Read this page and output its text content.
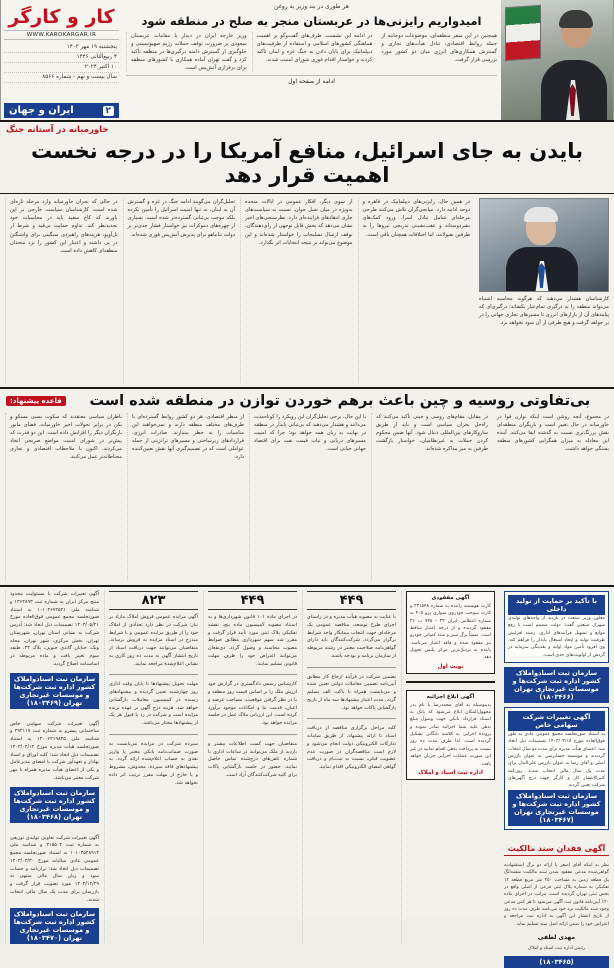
کار و کارگر
WWW.KAROKARGAR.IR
پنجشنبه ۱۹ مهر ۱۴۰۳
۴ ربیع‌الثانی ۱۴۴۶
۱۰ اکتبر ۲۰۲۴
سال بیست و نهم - شماره ۸۵۶۶
۲
ایران و جهان
هر طوری در بند وزیر به روغن
امیدواریم رایزنی‌ها در عربستان منجر به صلح در منطقه شود
وزیر خارجه ایران در دیدار با مقامات عربستان سعودی بر ضرورت توقف حملات رژیم صهیونیستی و جلوگیری از گسترش دامنه درگیری‌ها در منطقه تأکید کرد و گفت تهران آماده همکاری با کشورهای منطقه برای برقراری آتش‌بس است.
در ادامه این نشست، طرف‌های گفت‌وگو بر اهمیت هماهنگی کشورهای اسلامی و استفاده از ظرفیت‌های دیپلماتیک برای پایان دادن به جنگ غزه و لبنان تأکید کردند و خواستار اقدام فوری شورای امنیت شدند.
همچنین در این سفر منطقه‌ای، موضوعات دوجانبه از جمله روابط اقتصادی، تبادل هیأت‌های تجاری و گسترش همکاری‌های انرژی میان دو کشور مورد بررسی قرار گرفت.
ادامه از صفحه اول
خاورمیانه در آستانه جنگ
بایدن به جای اسرائیل، منافع آمریکا را در درجه نخست اهمیت قرار دهد
در حالی که بحران خاورمیانه وارد مرحله تازه‌ای شده است، کارشناسان سیاست خارجی بر این باورند که کاخ سفید باید در محاسبات خود تجدیدنظر کند. تداوم حمایت بی‌قید و شرط از تل‌آویو، هزینه‌های راهبردی سنگینی برای واشنگتن در پی داشته و اعتبار این کشور را نزد متحدان منطقه‌ای کاهش داده است.
تحلیل‌گران می‌گویند ادامه جنگ در غزه و گسترش آن به لبنان، نه تنها امنیت اسرائیل را تأمین نکرده بلکه موجب بی‌ثباتی گسترده‌تر شده است. بسیاری از چهره‌های دموکرات نیز خواستار فشار جدی‌تر بر دولت نتانیاهو برای پذیرش آتش‌بس فوری شده‌اند.
از سوی دیگر، افکار عمومی در ایالات متحده به‌ویژه در میان نسل جوان، نسبت به سیاست‌های جاری انتقادهای فزاینده‌ای دارد. نظرسنجی‌های اخیر نشان می‌دهد که بخش قابل توجهی از رأی‌دهندگان، توقف ارسال تسلیحات را خواستار شده‌اند و این موضوع می‌تواند بر نتیجه انتخابات اثر بگذارد.
در همین حال، رایزنی‌های دیپلماتیک در قاهره و دوحه ادامه دارد. میانجی‌گران تلاش می‌کنند طرحی مرحله‌ای شامل تبادل اسرا، ورود کمک‌های بشردوستانه و عقب‌نشینی تدریجی نیروها را به طرفین بقبولانند، اما اختلافات همچنان باقی است.
کارشناسان هشدار می‌دهند که هرگونه محاسبه اشتباه می‌تواند منطقه را به درگیری تمام‌عیار بکشاند؛ درگیری‌ای که پیامدهای آن از بازارهای انرژی تا مسیرهای تجاری جهانی را در بر خواهد گرفت و هیچ طرفی از آن سود نخواهد برد.
قاعده پیشنهاد:	بی‌تفاوتی روسیه و چین باعث برهم خوردن توازن در منطقه شده است
ناظران سیاسی معتقدند که سکوت نسبی مسکو و پکن در برابر تحولات اخیر خاورمیانه، فضای مانور بازیگران دیگر را افزایش داده است. این دو قدرت که پیش‌تر در شورای امنیت مواضع صریحی اتخاذ می‌کردند، اکنون با ملاحظات اقتصادی و تجاری محتاطانه‌تر عمل می‌کنند.
از منظر اقتصادی، هر دو کشور روابط گسترده‌ای با طرف‌های مختلف منطقه دارند و نمی‌خواهند این مناسبات را به خطر بیندازند. صادرات انرژی، قراردادهای زیرساختی و مسیرهای ترانزیتی از جمله عواملی است که در تصمیم‌گیری آنها نقش تعیین‌کننده دارد.
با این حال، برخی تحلیل‌گران این رویکرد را کوتاه‌مدت می‌دانند و هشدار می‌دهند که بی‌ثباتی پایدار در منطقه در نهایت به زیان همه خواهد بود؛ چرا که امنیت مسیرهای دریایی و ثبات قیمت نفت برای اقتصاد جهانی حیاتی است.
در مقابل، مقام‌های روسی و چینی تأکید می‌کنند که راه‌حل بحران سیاسی است و باید از طریق سازوکارهای بین‌المللی دنبال شود. آنها ضمن محکوم کردن حملات به غیرنظامیان، خواستار بازگشت طرفین به میز مذاکره شده‌اند.
در مجموع، آنچه روشن است اینکه توازن قوا در خاورمیانه در حال تغییر است و بازیگران منطقه‌ای نقش پررنگ‌تری نسبت به گذشته ایفا می‌کنند. آینده این معادله به میزان همگرایی کشورهای منطقه بستگی خواهد داشت.
آگهی تغییرات شرکت با مسئولیت محدود منتج مرکز ایران به شماره ثبت ۱۳۶۴۸۹۳ و شناسه ملی ۱۰۱۰۲۶۷۴۵۲۱ به استناد صورتجلسه مجمع عمومی فوق‌العاده مورخ ۱۴۰۳/۰۵/۲۱ تصمیمات ذیل اتخاذ شد: آدرس شرکت به نشانی استان تهران، شهرستان تهران، بخش مرکزی، شهر تهران، محله ونک، خیابان گاندی جنوبی، پلاک ۲۴، طبقه سوم تغییر یافت و ماده مربوطه در اساسنامه اصلاح گردید.
سازمان ثبت اسنادواملاک کشور اداره ثبت شرکت‌ها و موسسات غیرتجاری تهران (۱۸۰۳۴۶۹)
آگهی تغییرات شرکت سهامی خاص ساختمانی پیشرو به شماره ثبت ۴۹۲۱۱۷ و شناسه ملی ۱۴۰۰۶۲۱۹۸۴۵ به استناد صورتجلسه هیأت مدیره مورخ ۱۴۰۳/۰۴/۱۲ تصمیمات ذیل اتخاذ شد: کلیه اوراق و اسناد بهادار و تعهدآور شرکت با امضای مدیرعامل و یکی از اعضای هیأت مدیره همراه با مهر شرکت معتبر می‌باشد.
سازمان ثبت اسنادواملاک کشور اداره ثبت شرکت‌ها و موسسات غیرتجاری تهران (۱۸۰۳۴۶۸)
آگهی تغییرات شرکت تعاونی تولیدی توزیعی به شماره ثبت ۳۱۵۵۰۲ و شناسه ملی ۱۰۱۰۳۵۴۸۹۱۲ به استناد صورتجلسه مجمع عمومی عادی سالیانه مورخ ۱۴۰۳/۰۳/۳۰ تصمیمات ذیل اتخاذ شد: ترازنامه و حساب سود و زیان سال مالی منتهی به ۱۴۰۲/۱۲/۲۹ مورد تصویب قرار گرفت و بازرسان برای مدت یک سال مالی انتخاب شدند.
سازمان ثبت اسنادواملاک کشور اداره ثبت شرکت‌ها و موسسات غیرتجاری تهران (۱۸۰۳۴۷۰)
۸۲۳
آگهی مزایده عمومی فروش املاک مازاد بر نیاز: شرکت در نظر دارد تعدادی از املاک خود را از طریق مزایده عمومی و با شرایط مندرج در اسناد مزایده به فروش برساند. متقاضیان می‌توانند جهت دریافت اسناد از تاریخ انتشار آگهی به مدت ده روز کاری به نشانی اعلام‌شده مراجعه نمایند.
مهلت تحویل پیشنهادها تا پایان وقت اداری روز چهارشنبه تعیین گردیده و پیشنهادهای رسیده در کمیسیون معاملات بازگشایی خواهد شد. هزینه درج آگهی بر عهده برنده مزایده است و شرکت در رد یا قبول هر یک از پیشنهادها مختار می‌باشد.
سپرده شرکت در مزایده می‌بایست به صورت ضمانت‌نامه بانکی معتبر یا واریز نقدی به حساب اعلام‌شده ارائه گردد. به پیشنهادهای فاقد سپرده، مخدوش، مشروط و یا خارج از مهلت مقرر ترتیب اثر داده نخواهد شد.
۴۴۹
در اجرای ماده ۱۰۱ قانون شهرداری‌ها و به استناد مصوبه کمیسیون ماده پنج، نقشه تفکیکی پلاک ثبتی مورد تأیید قرار گرفت و مقرر شد سهم شهرداری مطابق ضوابط مصوب محاسبه و وصول گردد. ذی‌نفعان می‌توانند اعتراض خود را ظرف مهلت قانونی تسلیم نمایند.
کارشناس رسمی دادگستری در گزارش خود ارزش ملک را بر اساس قیمت روز منطقه و با در نظر گرفتن موقعیت، مساحت عرصه و اعیان، قدمت بنا و امکانات موجود برآورد کرده است. این ارزیابی ملاک عمل در جلسه مزایده خواهد بود.
متقاضیان جهت کسب اطلاعات بیشتر و بازدید از ملک می‌توانند در ساعات اداری با شماره تلفن‌های درج‌شده تماس حاصل نمایند. حضور در جلسه بازگشایی پاکات برای کلیه شرکت‌کنندگان آزاد است.
۴۴۹
با عنایت به مصوبه هیأت مدیره و در راستای اجرای طرح توسعه، مناقصه عمومی یک مرحله‌ای جهت انتخاب پیمانکار واجد شرایط برگزار می‌گردد. شرکت‌کنندگان باید دارای گواهی‌نامه صلاحیت معتبر در رشته مربوطه از سازمان برنامه و بودجه باشند.
تضمین شرکت در فرآیند ارجاع کار مطابق آیین‌نامه تضمین معاملات دولتی تعیین شده و می‌بایست همراه با پاکت الف تسلیم گردد. مدت اعتبار پیشنهادها سه ماه از تاریخ بازگشایی پاکات خواهد بود.
کلیه مراحل برگزاری مناقصه از دریافت اسناد تا ارائه پیشنهاد، از طریق سامانه تدارکات الکترونیکی دولت انجام می‌شود و لازم است مناقصه‌گران در صورت عدم عضویت قبلی، نسبت به ثبت‌نام و دریافت گواهی امضای الکترونیکی اقدام نمایند.
آگهی مفقودی
کارت هوشمند راننده به شماره ۲۳۱۵۴۸ و کارت سوخت خودروی سواری پژو ۴۰۵ به شماره انتظامی ایران ۳۳ - ۷۴۵ ب ۲۶ مفقود گردیده و از درجه اعتبار ساقط است. ضمناً برگ سبز و سند کمپانی خودرو نیز مفقود شده و فاقد اعتبار می‌باشد. یابنده به نزدیک‌ترین مرکز پلیس تحویل دهد.
نوبت اول
آگهی ابلاغ اجرائیه
بدینوسیله به آقای محمدرضا با نام پدر مجهول‌المکان ابلاغ می‌شود که بانک به استناد قرارداد بانکی جهت وصول مبلغ بدهی علیه شما اجرائیه صادر نموده و پرونده اجرایی به کلاسه بایگانی تشکیل گردیده است. لذا ظرف مدت ده روز نسبت به پرداخت بدهی اقدام نمایید در غیر این صورت عملیات اجرایی جریان خواهد یافت.
اداره ثبت اسناد و املاک
با تأکید بر حمایت از تولید داخلی
معاون وزیر صنعت در بازدید از واحدهای تولیدی شهرک صنعتی گفت: دولت مصمم است با رفع موانع و تسهیل فرآیندهای اداری، زمینه افزایش ظرفیت تولید و ایجاد اشتغال پایدار را فراهم کند. وی افزود تأمین مواد اولیه و نقدینگی سرمایه در گردش از اولویت‌های جدی است.
سازمان ثبت اسنادواملاک کشور اداره ثبت شرکت‌ها و موسسات غیرتجاری تهران (۱۸۰۳۴۶۶)
آگهی تغییرات شرکت سهامی خاص
به استناد صورتجلسه مجمع عمومی عادی به طور فوق‌العاده مورخ ۱۴۰۳/۰۲/۱۸ تصمیمات ذیل اتخاذ شد: اعضای هیأت مدیره برای مدت دو سال انتخاب گردیدند و موسسه حسابرسی به عنوان بازرس اصلی و آقای رضا به عنوان بازرس علی‌البدل برای مدت یک سال مالی انتخاب شدند. روزنامه کثیرالانتشار کار و کارگر جهت درج آگهی‌های شرکت تعیین گردید.
سازمان ثبت اسنادواملاک کشور اداره ثبت شرکت‌ها و موسسات غیرتجاری تهران (۱۸۰۳۴۶۷)
آگهی فقدان سند مالکیت
نظر به اینکه آقای اصغر با ارائه دو برگ استشهادیه گواهی‌شده مدعی مفقود شدن سند مالکیت ششدانگ یک قطعه زمین به مساحت ۲۵۰ متر مربع قطعه ۱۲ تفکیکی به شماره پلاک ثبتی فرعی از اصلی واقع در بخش ثبتی تهران گردیده است، مراتب در اجرای ماده ۱۲۰ آیین‌نامه قانون ثبت آگهی می‌شود تا هر کس مدعی وجود سند مالکیت نزد خود می‌باشد ظرف مدت ده روز از تاریخ انتشار این آگهی به اداره ثبت مراجعه و اعتراض خود را ضمن ارائه اصل سند تسلیم نماید.
مهدی لطفی
رئیس اداره ثبت اسناد و املاک
(۱۸۰۳۴۶۵)
